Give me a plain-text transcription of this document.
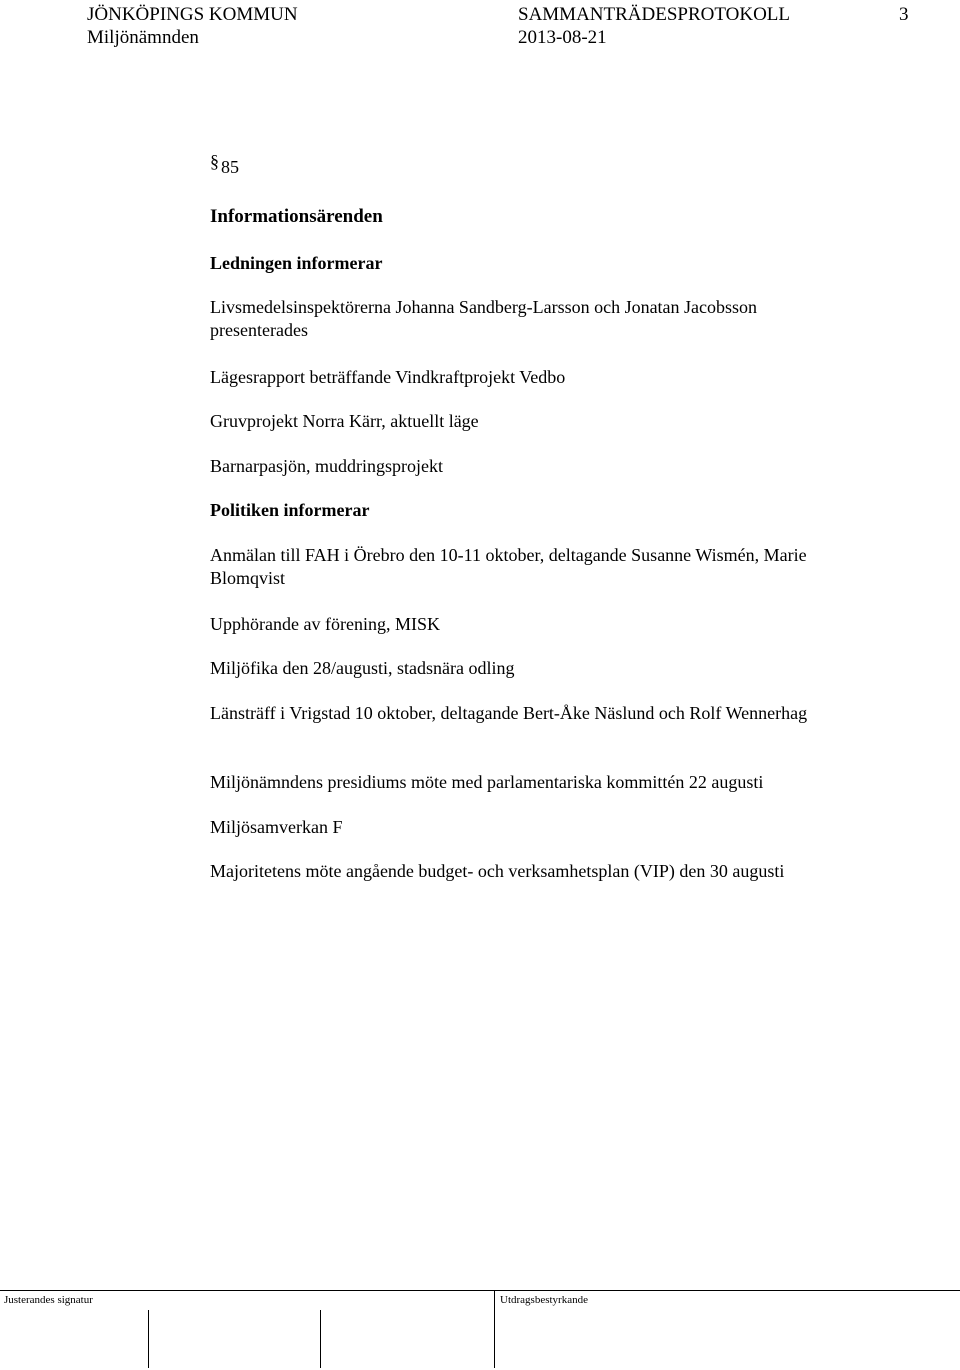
JÖNKÖPINGS KOMMUN	SAMMANTRÄDESPROTOKOLL	3
Miljönämnden	2013-08-21
§ 85
Informationsärenden
Ledningen informerar
Livsmedelsinspektörerna Johanna Sandberg-Larsson och Jonatan Jacobsson presenterades
Lägesrapport beträffande Vindkraftprojekt Vedbo
Gruvprojekt Norra Kärr, aktuellt läge
Barnarpasjön, muddringsprojekt
Politiken informerar
Anmälan till FAH i Örebro den 10-11 oktober, deltagande Susanne Wismén, Marie Blomqvist
Upphörande av förening, MISK
Miljöfika den 28/augusti, stadsnära odling
Länsträff i Vrigstad 10 oktober, deltagande Bert-Åke Näslund och Rolf Wennerhag
Miljönämndens presidiums möte med parlamentariska kommittén 22 augusti
Miljösamverkan F
Majoritetens möte angående budget- och verksamhetsplan (VIP) den 30 augusti
Justerandes signatur	Utdragsbestyrkande
